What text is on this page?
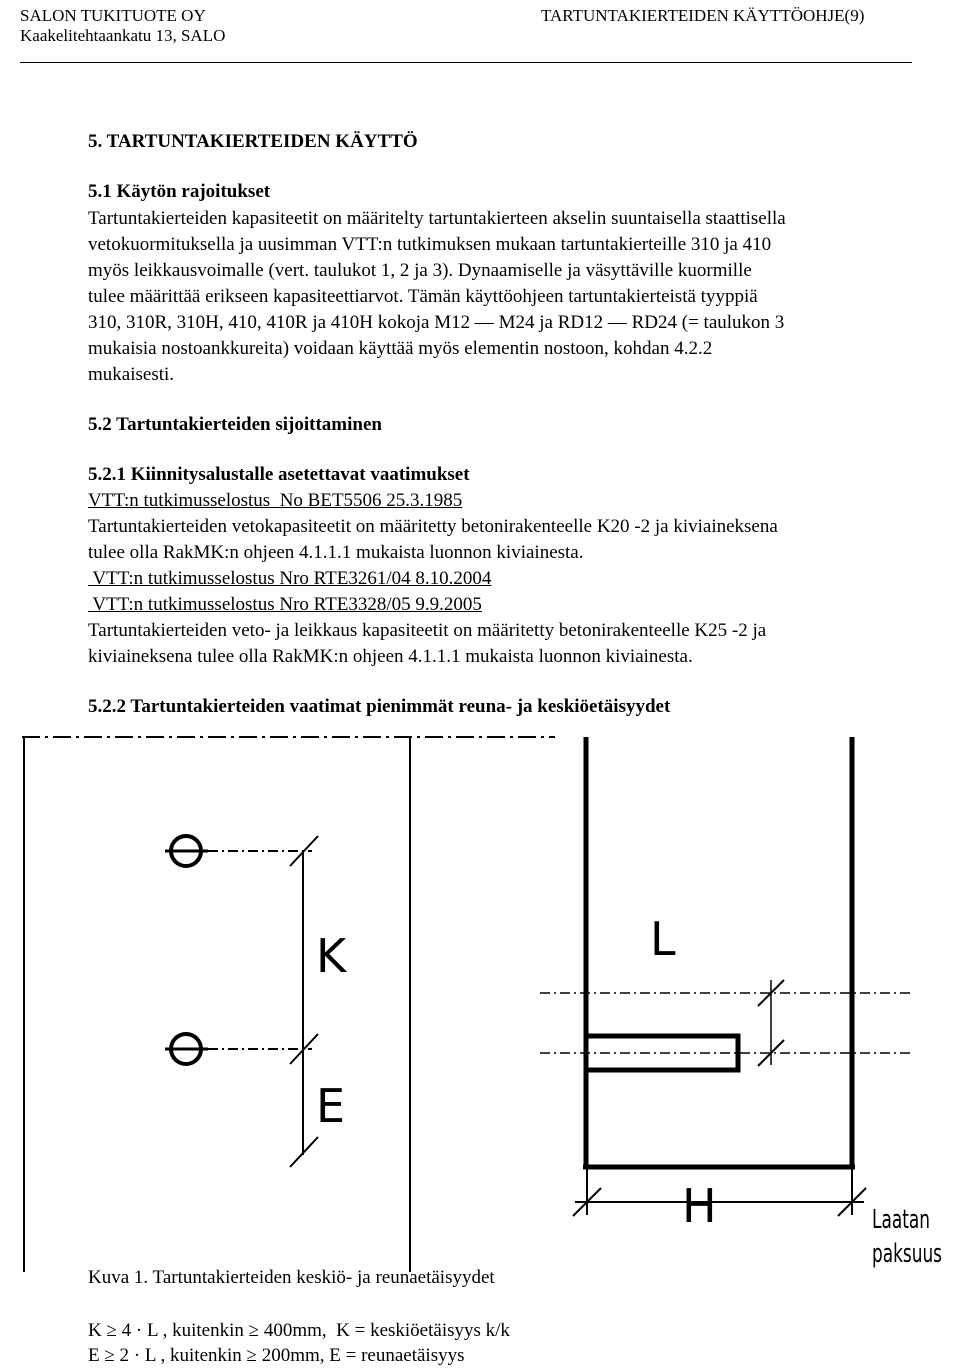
SALON TUKITUOTE OY
Kaakelitehtaankatu 13, SALO
TARTUNTAKIERTEIDEN KÄYTTÖOHJE(9)
5. TARTUNTAKIERTEIDEN KÄYTTÖ
5.1 Käytön rajoitukset
Tartuntakierteiden kapasiteetit on määritelty tartuntakierteen akselin suuntaisella staattisella
vetokuormituksella ja uusimman VTT:n tutkimuksen mukaan tartuntakierteille 310 ja 410
myös leikkausvoimalle (vert. taulukot 1, 2 ja 3). Dynaamiselle ja väsyttäville kuormille
tulee määrittää erikseen kapasiteettiarvot. Tämän käyttöohjeen tartuntakierteistä tyyppiä
310, 310R, 310H, 410, 410R ja 410H kokoja M12 — M24 ja RD12 — RD24 (= taulukon 3
mukaisia nostoankkureita) voidaan käyttää myös elementin nostoon, kohdan 4.2.2
mukaisesti.
5.2 Tartuntakierteiden sijoittaminen
5.2.1 Kiinnitysalustalle asetettavat vaatimukset
VTT:n tutkimusselostus  No BET5506 25.3.1985
Tartuntakierteiden vetokapasiteetit on määritetty betonirakenteelle K20 -2 ja kiviaineksena
tulee olla RakMK:n ohjeen 4.1.1.1 mukaista luonnon kiviainesta.
VTT:n tutkimusselostus Nro RTE3261/04 8.10.2004
VTT:n tutkimusselostus Nro RTE3328/05 9.9.2005
Tartuntakierteiden veto- ja leikkaus kapasiteetit on määritetty betonirakenteelle K25 -2 ja
kiviaineksena tulee olla RakMK:n ohjeen 4.1.1.1 mukaista luonnon kiviainesta.
5.2.2 Tartuntakierteiden vaatimat pienimmät reuna- ja keskiöetäisyydet
K
E
L
H	Laatan
paksuus
Kuva 1. Tartuntakierteiden keskiö- ja reunaetäisyydet
K ≥ 4 · L , kuitenkin ≥ 400mm,  K = keskiöetäisyys k/k
E ≥ 2 · L , kuitenkin ≥ 200mm, E = reunaetäisyys
